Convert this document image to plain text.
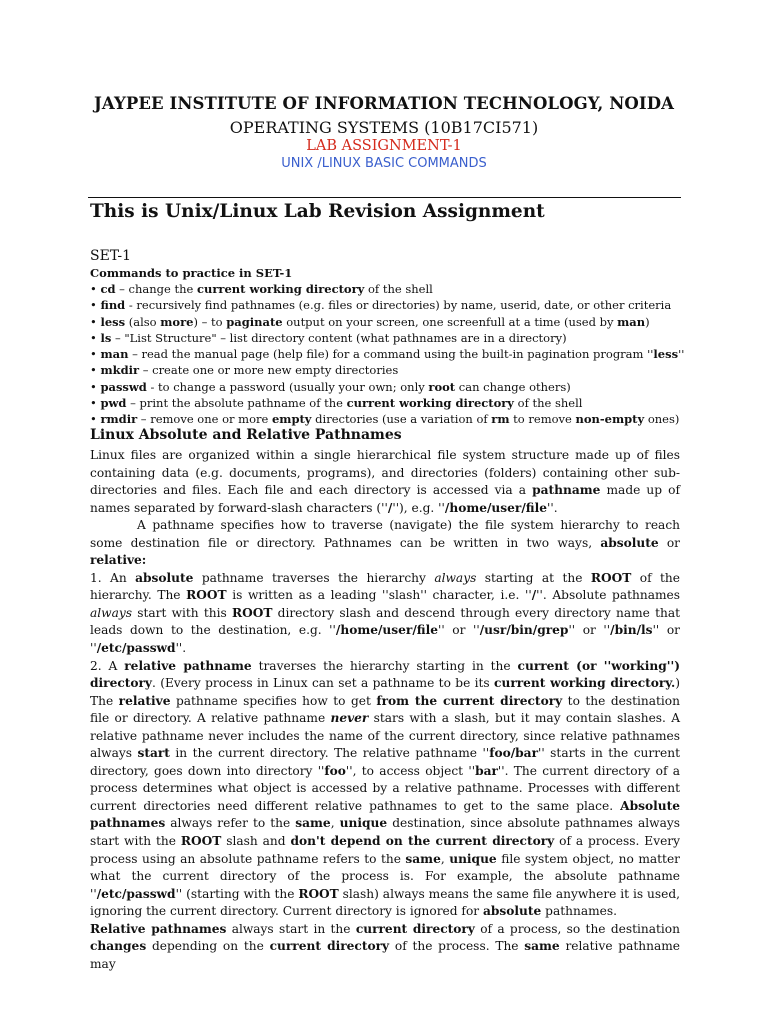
JAYPEE INSTITUTE OF INFORMATION TECHNOLOGY, NOIDA
OPERATING SYSTEMS (10B17CI571)
LAB ASSIGNMENT-1
UNIX /LINUX BASIC COMMANDS
This is Unix/Linux Lab Revision Assignment
SET-1
Commands to practice in SET-1
• cd – change the current working directory of the shell
• find - recursively find pathnames (e.g. files or directories) by name, userid, date, or other criteria
• less (also more) – to paginate output on your screen, one screenfull at a time (used by man)
• ls – "List Structure" – list directory content (what pathnames are in a directory)
• man – read the manual page (help file) for a command using the built-in pagination program ''less''
• mkdir – create one or more new empty directories
• passwd - to change a password (usually your own; only root can change others)
• pwd – print the absolute pathname of the current working directory of the shell
• rmdir – remove one or more empty directories (use a variation of rm to remove non-empty ones)
Linux Absolute and Relative Pathnames

Linux files are organized within a single hierarchical file system structure made up of files containing data (e.g. documents, programs), and directories (folders) containing other sub-directories and files. Each file and each directory is accessed via a pathname made up of names separated by forward-slash characters (''/''), e.g. ''/home/user/file''.

A pathname specifies how to traverse (navigate) the file system hierarchy to reach some destination file or directory. Pathnames can be written in two ways, absolute or relative:

1. An absolute pathname traverses the hierarchy always starting at the ROOT of the hierarchy. The ROOT is written as a leading ''slash'' character, i.e. ''/''. Absolute pathnames always start with this ROOT directory slash and descend through every directory name that leads down to the destination, e.g. ''/home/user/file'' or ''/usr/bin/grep'' or ''/bin/ls'' or ''/etc/passwd''.

2. A relative pathname traverses the hierarchy starting in the current (or ''working'') directory. (Every process in Linux can set a pathname to be its current working directory.) The relative pathname specifies how to get from the current directory to the destination file or directory. A relative pathname never stars with a slash, but it may contain slashes. A relative pathname never includes the name of the current directory, since relative pathnames always start in the current directory. The relative pathname ''foo/bar'' starts in the current directory, goes down into directory ''foo'', to access object ''bar''. The current directory of a process determines what object is accessed by a relative pathname. Processes with different current directories need different relative pathnames to get to the same place. Absolute pathnames always refer to the same, unique destination, since absolute pathnames always start with the ROOT slash and don't depend on the current directory of a process. Every process using an absolute pathname refers to the same, unique file system object, no matter what the current directory of the process is. For example, the absolute pathname ''/etc/passwd'' (starting with the ROOT slash) always means the same file anywhere it is used, ignoring the current directory. Current directory is ignored for absolute pathnames.

Relative pathnames always start in the current directory of a process, so the destination changes depending on the current directory of the process. The same relative pathname may
